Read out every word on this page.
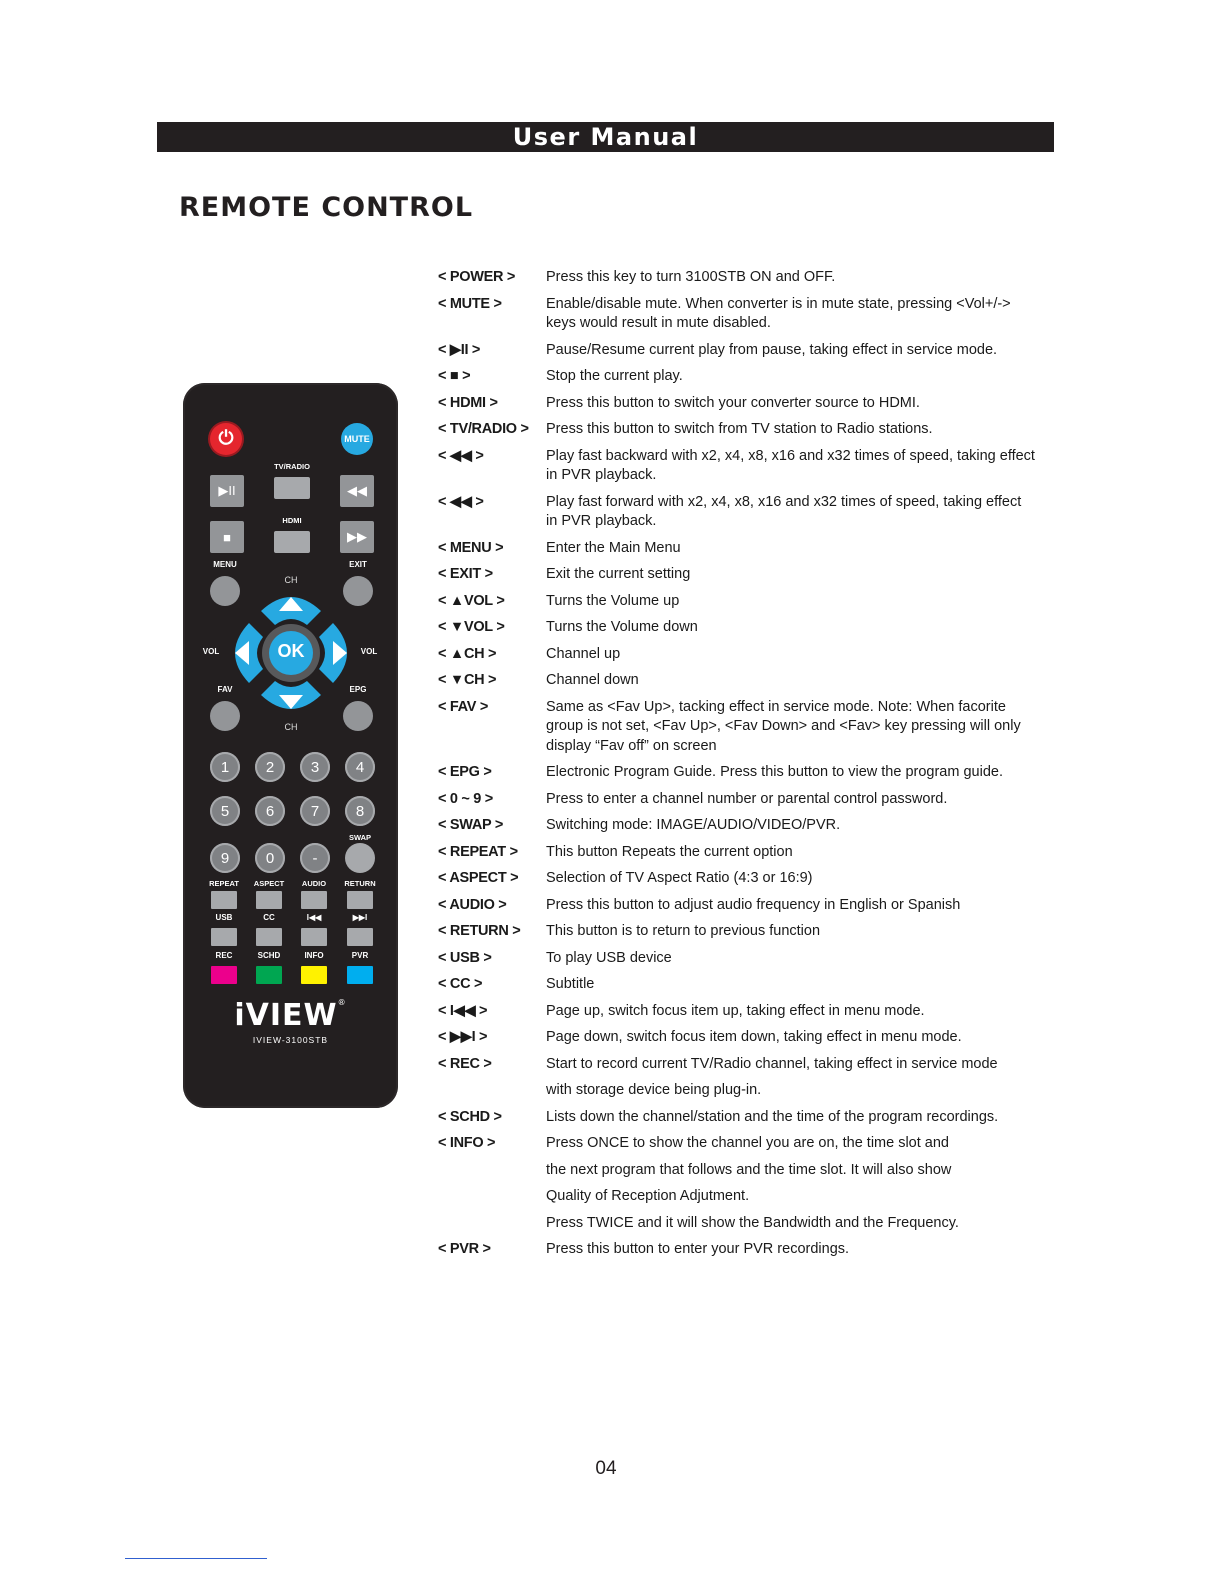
User Manual
REMOTE CONTROL
⏻	MUTE
TV/RADIO
▶II	◀◀
HDMI
■	▶▶
MENU	EXIT
CH
CH
VOL	VOL
OK
FAV	EPG
1	2	3	4
5	6	7	8
SWAP
9	0	-
REPEAT ASPECT AUDIO RETURN
USB	CC	I◀◀	▶▶I
REC	SCHD	INFO	PVR
iVIEW®
IVIEW-3100STB
< POWER >	Press this key to turn 3100STB ON and OFF.
< MUTE >	Enable/disable mute. When converter is in mute state, pressing <Vol+/->
keys would result in mute disabled.
< ▶II >	Pause/Resume current play from pause, taking effect in service mode.
< ■ >	Stop the current play.
< HDMI >	Press this button to switch your converter source to HDMI.
< TV/RADIO >	Press this button to switch from TV station to Radio stations.
< ◀◀ >	Play fast backward with x2, x4, x8, x16 and x32 times of speed, taking effect
in PVR playback.
< ◀◀ >	Play fast forward with x2, x4, x8, x16 and x32 times of speed, taking effect
in PVR playback.
< MENU >	Enter the Main Menu
< EXIT >	Exit the current setting
< ▲VOL >	Turns the Volume up
< ▼VOL >	Turns the Volume down
< ▲CH >	Channel up
< ▼CH >	Channel down
< FAV >	Same as <Fav Up>, tacking effect in service mode. Note: When facorite
group is not set, <Fav Up>, <Fav Down> and <Fav> key pressing will only
display “Fav off” on screen
< EPG >	Electronic Program Guide. Press this button to view the program guide.
< 0 ~ 9 >	Press to enter a channel number or parental control password.
< SWAP >	Switching mode: IMAGE/AUDIO/VIDEO/PVR.
< REPEAT >	This button Repeats the current option
< ASPECT >	Selection of TV Aspect Ratio (4:3 or 16:9)
< AUDIO >	Press this button to adjust audio frequency in English or Spanish
< RETURN >	This button is to return to previous function
< USB >	To play USB device
< CC >	Subtitle
< I◀◀ >	Page up, switch focus item up, taking effect in menu mode.
< ▶▶I >	Page down, switch focus item down, taking effect in menu mode.
< REC >	Start to record current TV/Radio channel, taking effect in service mode
with storage device being plug-in.
< SCHD >	Lists down the channel/station and the time of the program recordings.
< INFO >	Press ONCE to show the channel you are on, the time slot and
the next program that follows and the time slot. It will also show
Quality of Reception Adjutment.
Press TWICE and it will show the Bandwidth and the Frequency.
< PVR >	Press this button to enter your PVR recordings.
04
